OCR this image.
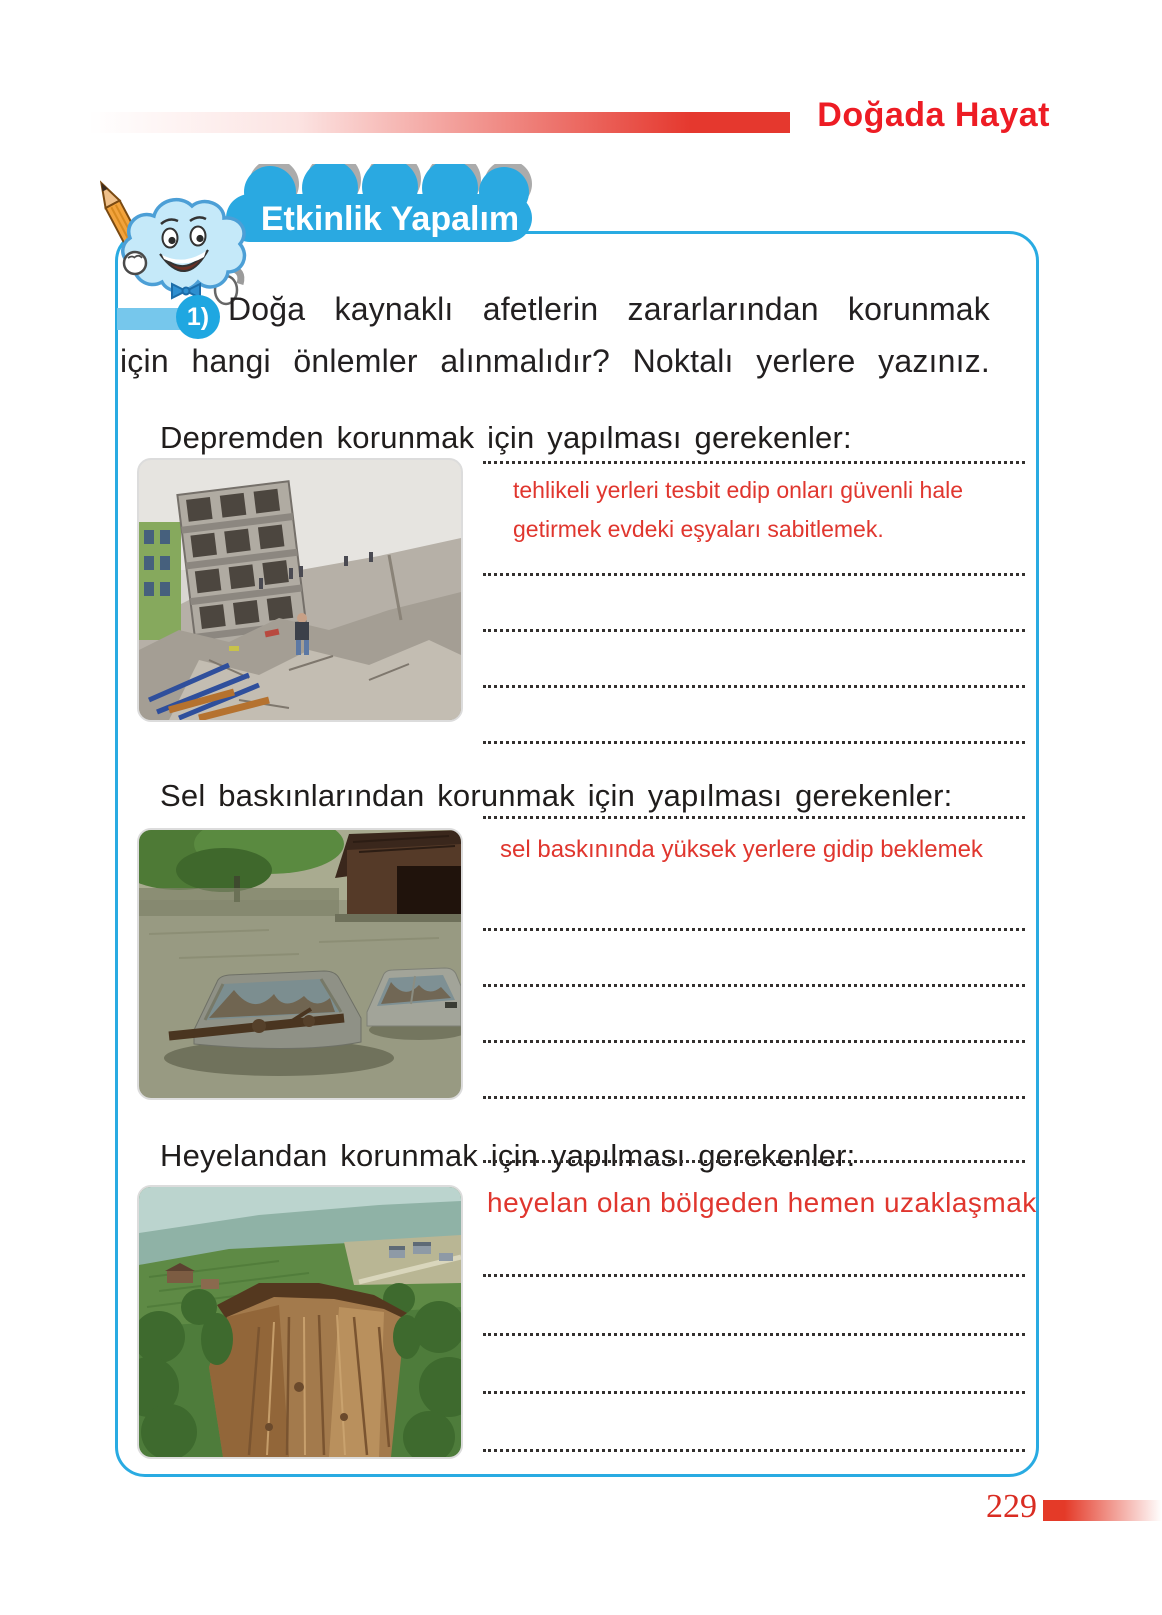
Doğada Hayat
Etkinlik Yapalım
1) Doğa kaynaklı afetlerin zararlarından korunmak
için hangi önlemler alınmalıdır? Noktalı yerlere yazınız.
Depremden korunmak için yapılması gerekenler:
tehlikeli yerleri tesbit edip onları güvenli hale
getirmek evdeki eşyaları sabitlemek.
Sel baskınlarından korunmak için yapılması gerekenler:
sel baskınında yüksek yerlere gidip beklemek
Heyelandan korunmak için yapılması gerekenler:
heyelan olan bölgeden hemen uzaklaşmak
229
